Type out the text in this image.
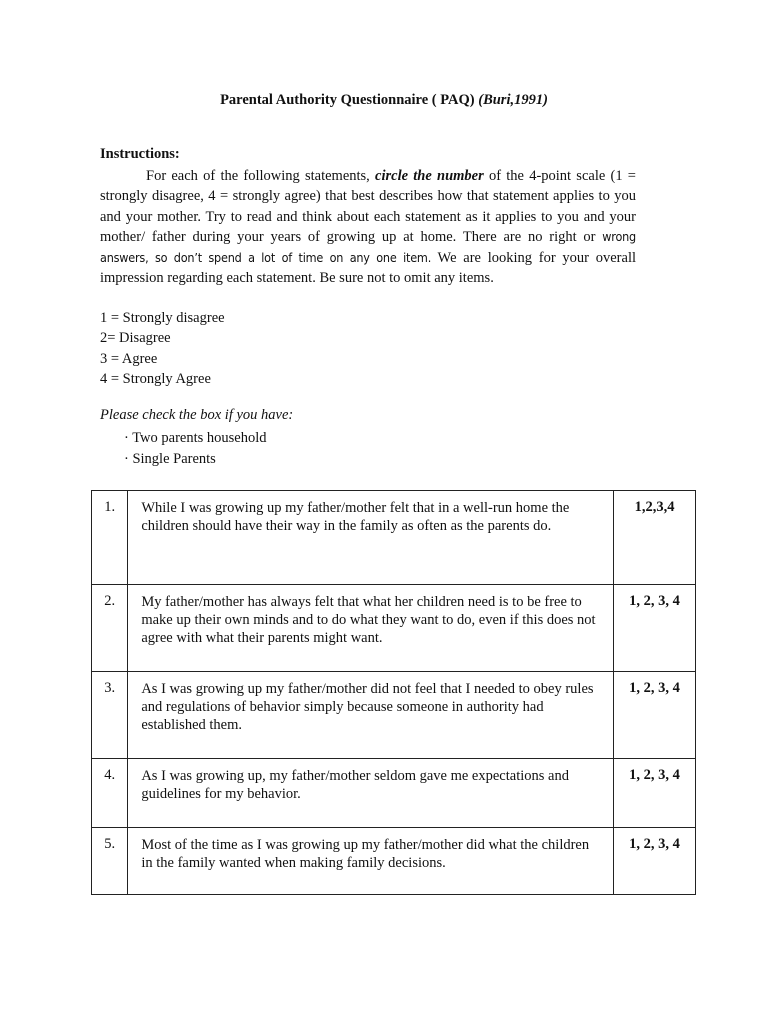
Parental Authority Questionnaire ( PAQ) (Buri,1991)
Instructions:
For each of the following statements, circle the number of the 4-point scale (1 = strongly disagree, 4 = strongly agree) that best describes how that statement applies to you and your mother. Try to read and think about each statement as it applies to you and your mother/ father during your years of growing up at home. There are no right or wrong answers, so don’t spend a lot of time on any one item. We are looking for your overall impression regarding each statement. Be sure not to omit any items.
1 = Strongly disagree
2= Disagree
3 = Agree
4 = Strongly Agree
Please check the box if you have:
· Two parents household
· Single Parents
1.	While I was growing up my father/mother felt that in a well-run home the children should have their way in the family as often as the parents do.	1,2,3,4
2.	My father/mother has always felt that what her children need is to be free to make up their own minds and to do what they want to do, even if this does not agree with what their parents might want.	1, 2, 3, 4
3.	As I was growing up my father/mother did not feel that I needed to obey rules and regulations of behavior simply because someone in authority had established them.	1, 2, 3, 4
4.	As I was growing up, my father/mother seldom gave me expectations and guidelines for my behavior.	1, 2, 3, 4
5.	Most of the time as I was growing up my father/mother did what the children in the family wanted when making family decisions.	1, 2, 3, 4
